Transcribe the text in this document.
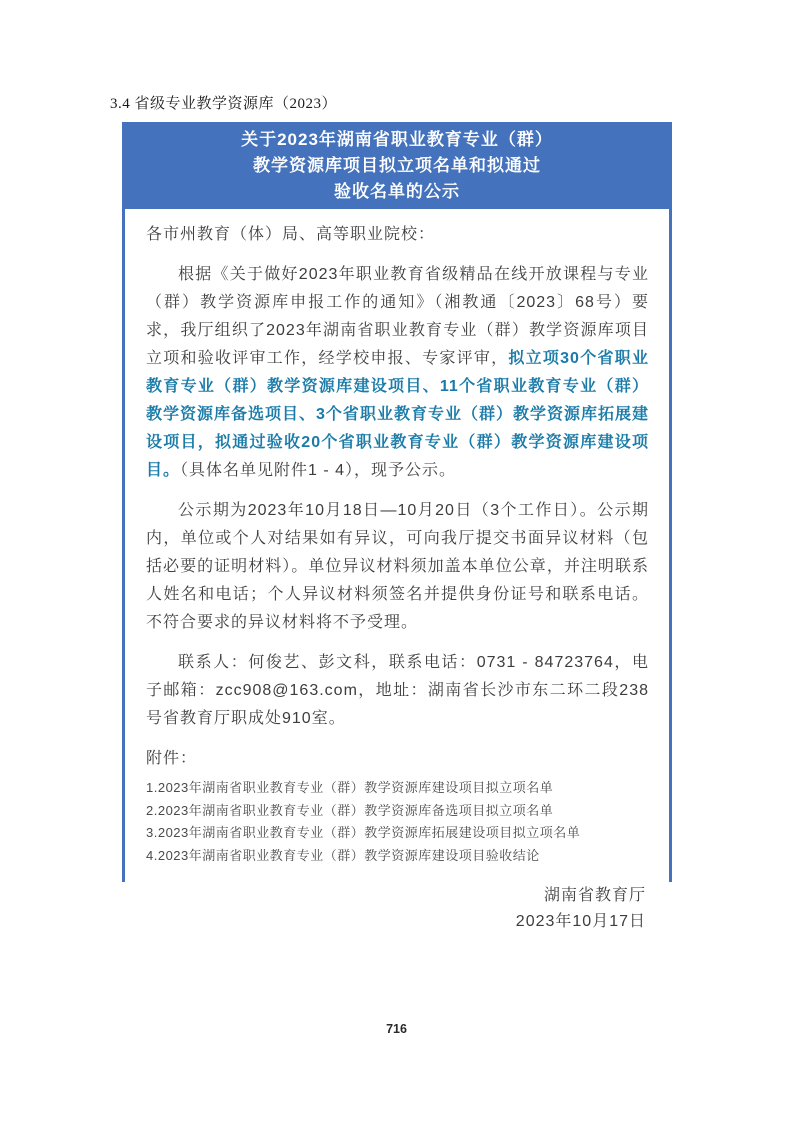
3.4 省级专业教学资源库（2023）
关于2023年湖南省职业教育专业（群）
教学资源库项目拟立项名单和拟通过
验收名单的公示

各市州教育（体）局、高等职业院校：

根据《关于做好2023年职业教育省级精品在线开放课程与专业（群）教学资源库申报工作的通知》（湘教通〔2023〕68号）要求，我厅组织了2023年湖南省职业教育专业（群）教学资源库项目立项和验收评审工作，经学校申报、专家评审，拟立项30个省职业教育专业（群）教学资源库建设项目、11个省职业教育专业（群）教学资源库备选项目、3个省职业教育专业（群）教学资源库拓展建设项目，拟通过验收20个省职业教育专业（群）教学资源库建设项目。（具体名单见附件1 - 4），现予公示。

公示期为2023年10月18日—10月20日（3个工作日）。公示期内，单位或个人对结果如有异议，可向我厅提交书面异议材料（包括必要的证明材料）。单位异议材料须加盖本单位公章，并注明联系人姓名和电话；个人异议材料须签名并提供身份证号和联系电话。不符合要求的异议材料将不予受理。

联系人：何俊艺、彭文科，联系电话：0731 - 84723764，电子邮箱：zcc908@163.com，地址：湖南省长沙市东二环二段238号省教育厅职成处910室。

附件：

1.2023年湖南省职业教育专业（群）教学资源库建设项目拟立项名单
2.2023年湖南省职业教育专业（群）教学资源库备选项目拟立项名单
3.2023年湖南省职业教育专业（群）教学资源库拓展建设项目拟立项名单
4.2023年湖南省职业教育专业（群）教学资源库建设项目验收结论
湖南省教育厅
2023年10月17日
716
